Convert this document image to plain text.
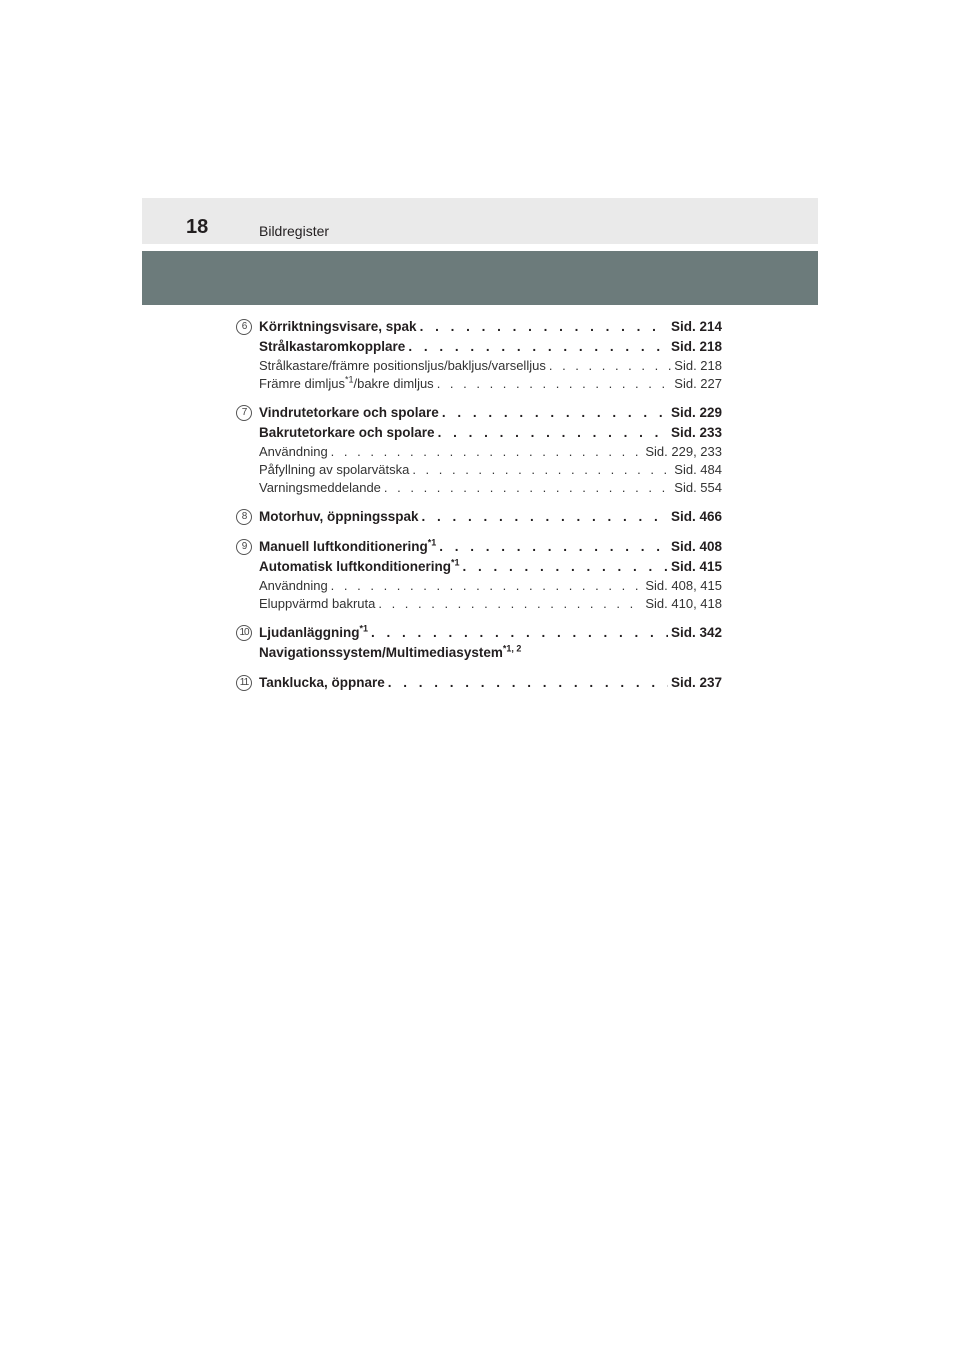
18	Bildregister
6 Körriktningsvisare, spak . . .	Sid. 214
Strålkastaromkopplare . . .	Sid. 218
Strålkastare/främre positionsljus/bakljus/varselljus . . .	Sid. 218
Främre dimljus$^{*1}$/bakre dimljus . . .	Sid. 227
7 Vindrutetorkare och spolare . . .	Sid. 229
Bakrutetorkare och spolare . . .	Sid. 233
Användning . . .	Sid. 229, 233
Påfyllning av spolarvätska . . .	Sid. 484
Varningsmeddelande . . .	Sid. 554
8 Motorhuv, öppningsspak . . .	Sid. 466
9 Manuell luftkonditionering$^{*1}$ . . .	Sid. 408
Automatisk luftkonditionering$^{*1}$ . . .	Sid. 415
Användning . . .	Sid. 408, 415
Eluppvärmd bakruta . . .	Sid. 410, 418
10 Ljudanläggning$^{*1}$ . . .	Sid. 342
Navigationssystem/Multimediasystem$^{*1, 2}$
11 Tanklucka, öppnare . . .	Sid. 237
